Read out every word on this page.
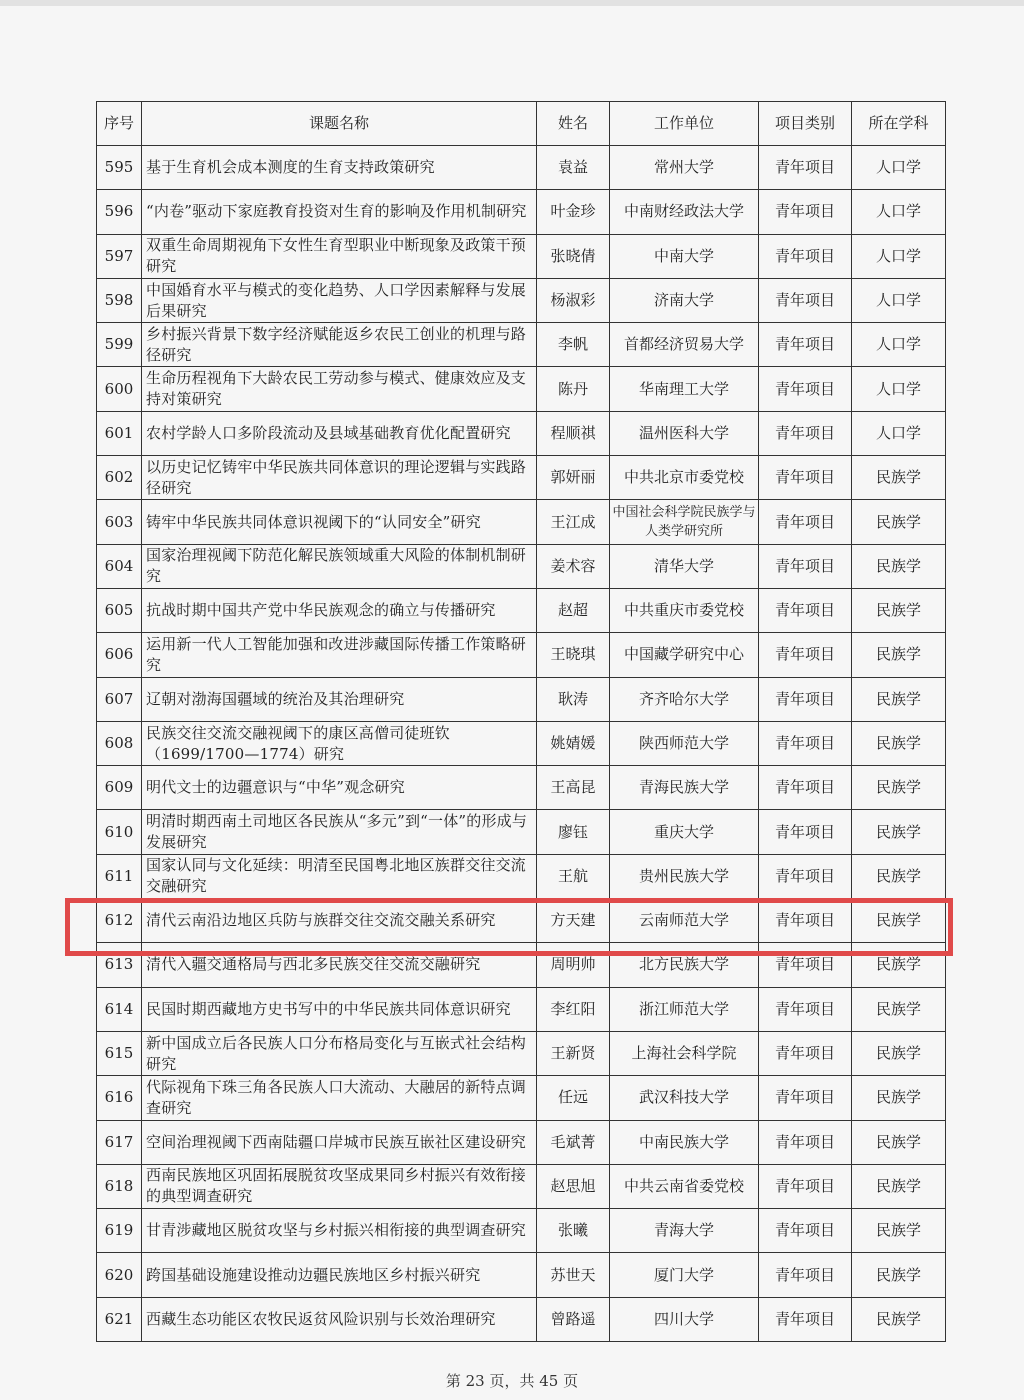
序号	课题名称	姓名	工作单位	项目类别	所在学科
595	基于生育机会成本测度的生育支持政策研究	袁益	常州大学	青年项目	人口学
596	“内卷”驱动下家庭教育投资对生育的影响及作用机制研究	叶金珍	中南财经政法大学	青年项目	人口学
597	双重生命周期视角下女性生育型职业中断现象及政策干预研究	张晓倩	中南大学	青年项目	人口学
598	中国婚育水平与模式的变化趋势、人口学因素解释与发展后果研究	杨淑彩	济南大学	青年项目	人口学
599	乡村振兴背景下数字经济赋能返乡农民工创业的机理与路径研究	李帆	首都经济贸易大学	青年项目	人口学
600	生命历程视角下大龄农民工劳动参与模式、健康效应及支持对策研究	陈丹	华南理工大学	青年项目	人口学
601	农村学龄人口多阶段流动及县域基础教育优化配置研究	程顺祺	温州医科大学	青年项目	人口学
602	以历史记忆铸牢中华民族共同体意识的理论逻辑与实践路径研究	郭妍丽	中共北京市委党校	青年项目	民族学
603	铸牢中华民族共同体意识视阈下的“认同安全”研究	王江成	中国社会科学院民族学与人类学研究所	青年项目	民族学
604	国家治理视阈下防范化解民族领域重大风险的体制机制研究	姜术容	清华大学	青年项目	民族学
605	抗战时期中国共产党中华民族观念的确立与传播研究	赵超	中共重庆市委党校	青年项目	民族学
606	运用新一代人工智能加强和改进涉藏国际传播工作策略研究	王晓琪	中国藏学研究中心	青年项目	民族学
607	辽朝对渤海国疆域的统治及其治理研究	耿涛	齐齐哈尔大学	青年项目	民族学
608	民族交往交流交融视阈下的康区高僧司徒班钦（1699/1700—1774）研究	姚婧媛	陕西师范大学	青年项目	民族学
609	明代文士的边疆意识与“中华”观念研究	王高昆	青海民族大学	青年项目	民族学
610	明清时期西南土司地区各民族从“多元”到“一体”的形成与发展研究	廖钰	重庆大学	青年项目	民族学
611	国家认同与文化延续：明清至民国粤北地区族群交往交流交融研究	王航	贵州民族大学	青年项目	民族学
612	清代云南沿边地区兵防与族群交往交流交融关系研究	方天建	云南师范大学	青年项目	民族学
613	清代入疆交通格局与西北多民族交往交流交融研究	周明帅	北方民族大学	青年项目	民族学
614	民国时期西藏地方史书写中的中华民族共同体意识研究	李红阳	浙江师范大学	青年项目	民族学
615	新中国成立后各民族人口分布格局变化与互嵌式社会结构研究	王新贤	上海社会科学院	青年项目	民族学
616	代际视角下珠三角各民族人口大流动、大融居的新特点调查研究	任远	武汉科技大学	青年项目	民族学
617	空间治理视阈下西南陆疆口岸城市民族互嵌社区建设研究	毛斌菁	中南民族大学	青年项目	民族学
618	西南民族地区巩固拓展脱贫攻坚成果同乡村振兴有效衔接的典型调查研究	赵思旭	中共云南省委党校	青年项目	民族学
619	甘青涉藏地区脱贫攻坚与乡村振兴相衔接的典型调查研究	张曦	青海大学	青年项目	民族学
620	跨国基础设施建设推动边疆民族地区乡村振兴研究	苏世天	厦门大学	青年项目	民族学
621	西藏生态功能区农牧民返贫风险识别与长效治理研究	曾路遥	四川大学	青年项目	民族学
第 23 页，共 45 页
